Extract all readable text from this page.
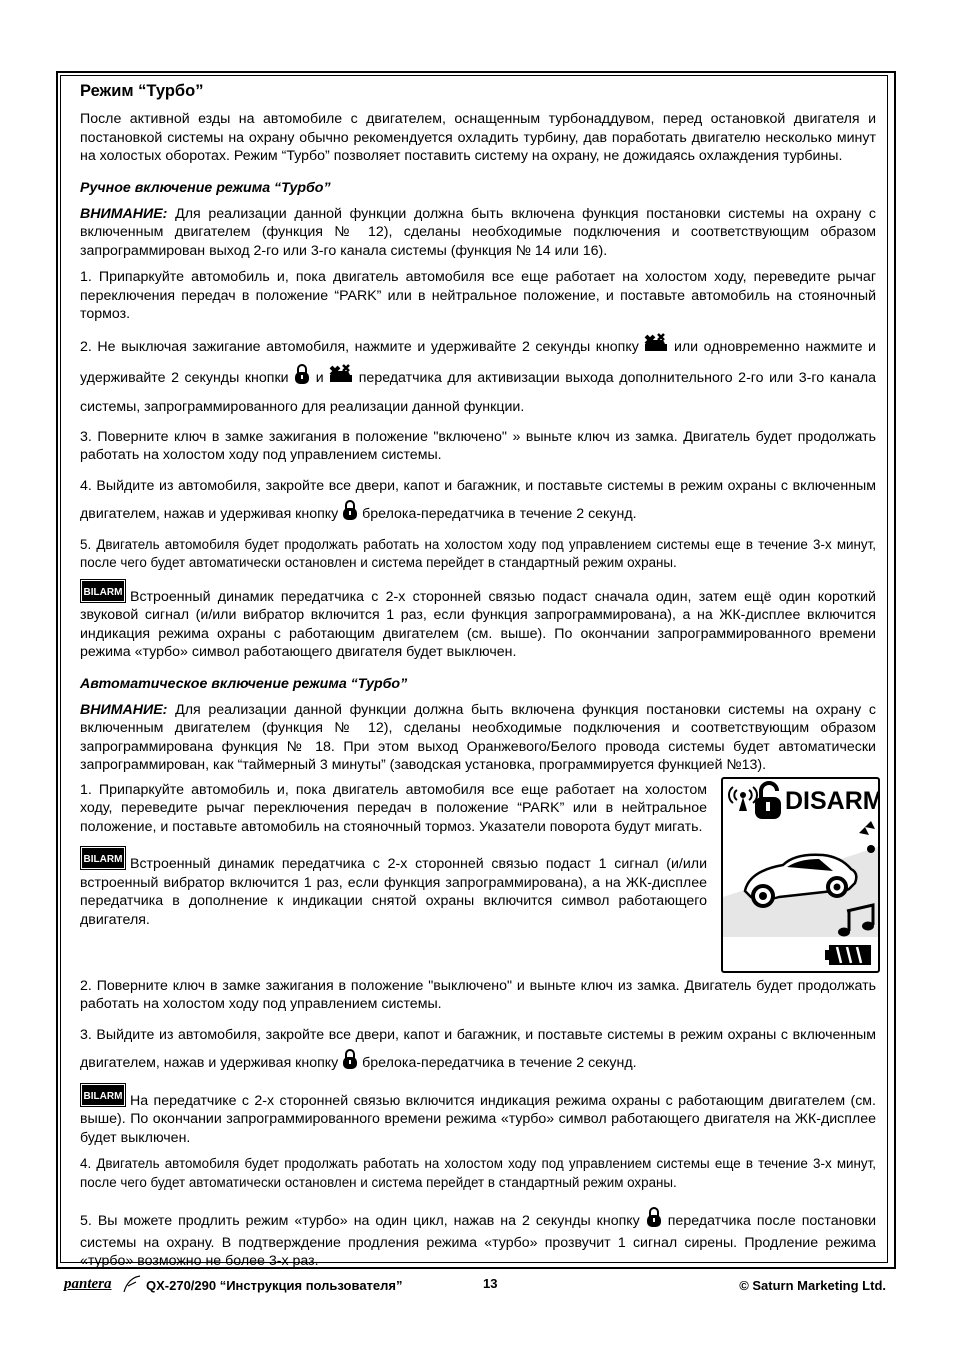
Режим “Турбо”

После активной езды на автомобиле с двигателем, оснащенным турбонаддувом, перед остановкой двигателя и постановкой системы на охрану обычно рекомендуется охладить турбину, дав поработать двигателю несколько минут на холостых оборотах. Режим “Турбо” позволяет поставить систему на охрану, не дожидаясь охлаждения турбины.

Ручное включение режима “Турбо”

ВНИМАНИЕ: Для реализации данной функции должна быть включена функция постановки системы на охрану с включенным двигателем (функция № 12), сделаны необходимые подключения и соответствующим образом запрограммирован выход 2-го или 3-го канала системы (функция № 14 или 16).

1. Припаркуйте автомобиль и, пока двигатель автомобиля все еще работает на холостом ходу, переведите рычаг переключения передач в положение “PARK” или в нейтральное положение, и поставьте автомобиль на стояночный тормоз.

2. Не выключая зажигание автомобиля, нажмите и удерживайте 2 секунды кнопку  или одновременно нажмите и удерживайте 2 секунды кнопки  и  передатчика для активизации выхода дополнительного 2-го или 3-го канала системы, запрограммированного для реализации данной функции.

3. Поверните ключ в замке зажигания в положение "включено" » выньте ключ из замка. Двигатель будет продолжать работать на холостом ходу под управлением системы.

4. Выйдите из автомобиля, закройте все двери, капот и багажник, и поставьте системы в режим охраны с включенным двигателем, нажав и удерживая кнопку  брелока-передатчика в течение 2 секунд.

5. Двигатель автомобиля будет продолжать работать на холостом ходу под управлением системы еще в течение 3-х минут, после чего будет автоматически остановлен и система перейдет в стандартный режим охраны.

BILARM Встроенный динамик передатчика с 2-х сторонней связью подаст сначала один, затем ещё один короткий звуковой сигнал (и/или вибратор включится 1 раз, если функция запрограммирована), а на ЖК-дисплее включится индикация режима охраны с работающим двигателем (см. выше). По окончании запрограммированного времени режима «турбо» символ работающего двигателя будет выключен.

Автоматическое включение режима “Турбо”

ВНИМАНИЕ: Для реализации данной функции должна быть включена функция постановки системы на охрану с включенным двигателем (функция № 12), сделаны необходимые подключения и соответствующим образом запрограммирована функция № 18. При этом выход Оранжевого/Белого провода системы будет автоматически запрограммирован, как “таймерный 3 минуты” (заводская установка, программируется функцией №13).

DISARM

1. Припаркуйте автомобиль и, пока двигатель автомобиля все еще работает на холостом ходу, переведите рычаг переключения передач в положение “PARK” или в нейтральное положение, и поставьте автомобиль на стояночный тормоз. Указатели поворота будут мигать.

BILARM Встроенный динамик передатчика с 2-х сторонней связью подаст 1 сигнал (и/или встроенный вибратор включится 1 раз, если функция запрограммирована), а на ЖК-дисплее передатчика в дополнение к индикации снятой охраны включится символ работающего двигателя.

2. Поверните ключ в замке зажигания в положение "выключено" и выньте ключ из замка. Двигатель будет продолжать работать на холостом ходу под управлением системы.

3. Выйдите из автомобиля, закройте все двери, капот и багажник, и поставьте системы в режим охраны с включенным двигателем, нажав и удерживая кнопку  брелока-передатчика в течение 2 секунд.

BILARM На передатчике с 2-х сторонней связью включится индикация режима охраны с работающим двигателем (см. выше). По окончании запрограммированного времени режима «турбо» символ работающего двигателя на ЖК-дисплее будет выключен.

4. Двигатель автомобиля будет продолжать работать на холостом ходу под управлением системы еще в течение 3-х минут, после чего будет автоматически остановлен и система перейдет в стандартный режим охраны.

5. Вы можете продлить режим «турбо» на один цикл, нажав на 2 секунды кнопку  передатчика после постановки системы на охрану. В подтверждение продления режима «турбо» прозвучит 1 сигнал сирены. Продление режима «турбо» возможно не более 3-х раз.

pantera	QX-270/290 “Инструкция пользователя”	13	© Saturn Marketing Ltd.
